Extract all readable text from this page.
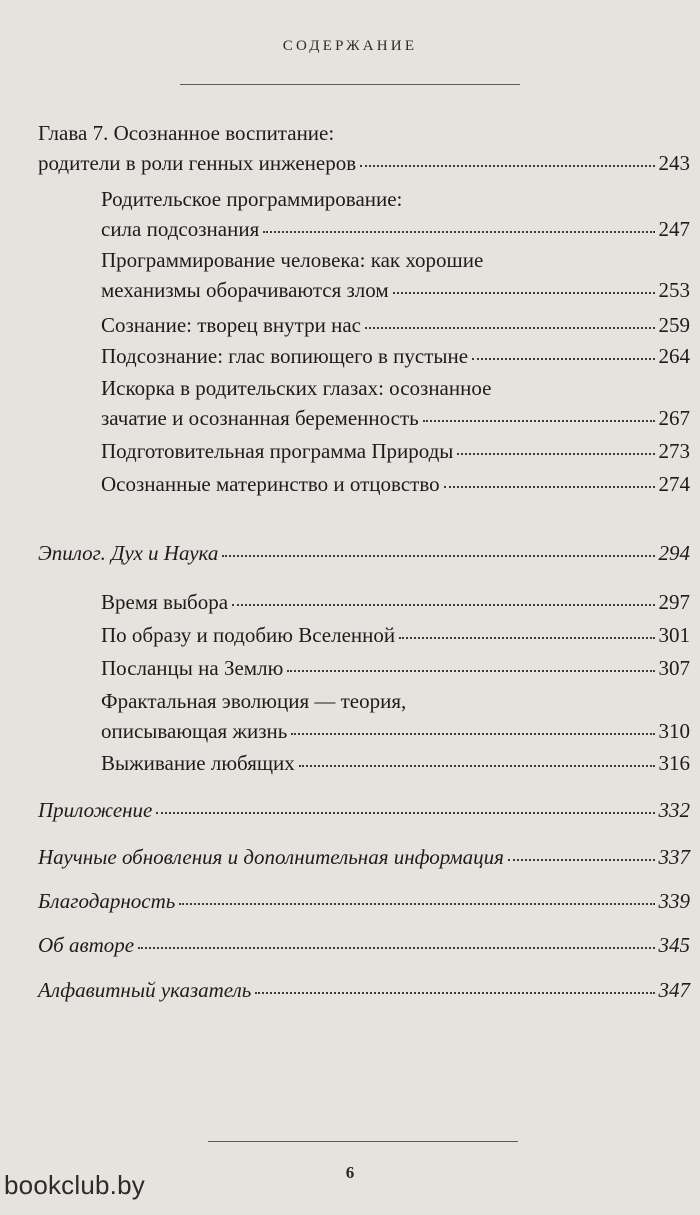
СОДЕРЖАНИЕ
Глава 7. Осознанное воспитание:
родители в роли генных инженеров	243
Родительское программирование:
сила подсознания	247
Программирование человека: как хорошие
механизмы оборачиваются злом	253
Сознание: творец внутри нас	259
Подсознание: глас вопиющего в пустыне	264
Искорка в родительских глазах: осознанное
зачатие и осознанная беременность	267
Подготовительная программа Природы	273
Осознанные материнство и отцовство	274
Эпилог. Дух и Наука	294
Время выбора	297
По образу и подобию Вселенной	301
Посланцы на Землю	307
Фрактальная эволюция — теория,
описывающая жизнь	310
Выживание любящих	316
Приложение	332
Научные обновления и дополнительная информация	337
Благодарность	339
Об авторе	345
Алфавитный указатель	347
6
bookclub.by
